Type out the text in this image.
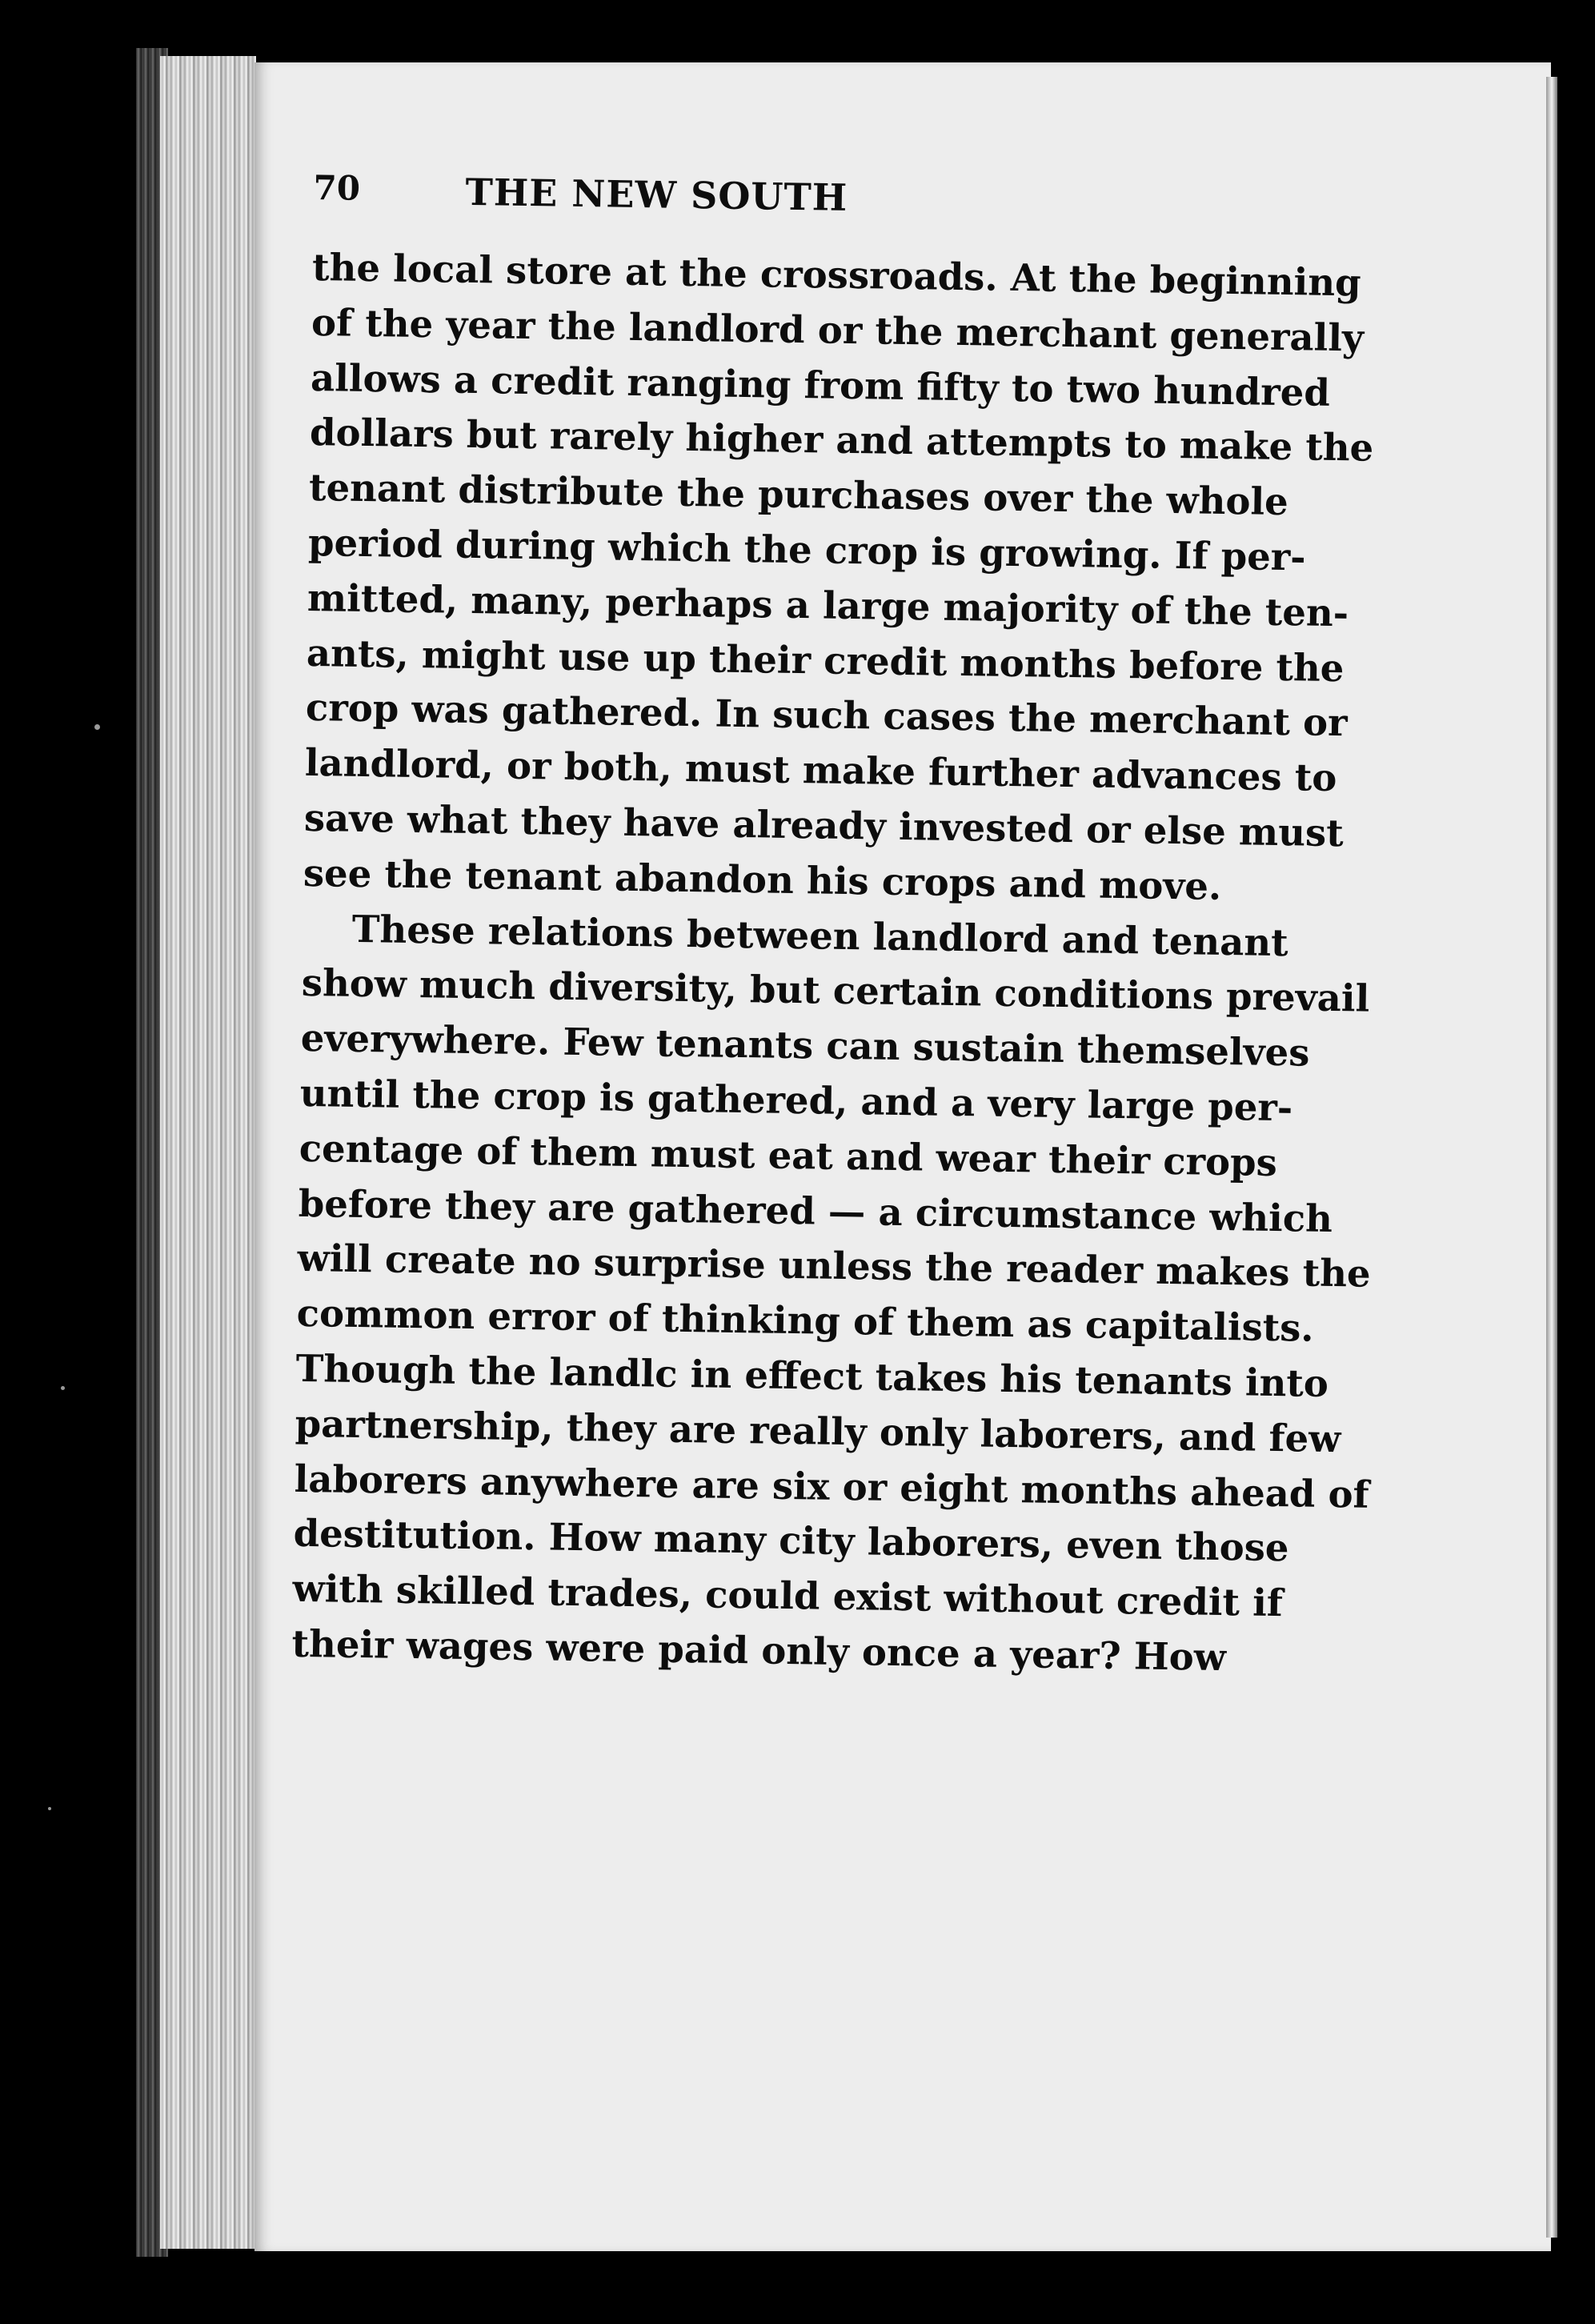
70	THE NEW SOUTH
the local store at the crossroads. At the beginning
of the year the landlord or the merchant generally
allows a credit ranging from fifty to two hundred
dollars but rarely higher and attempts to make the
tenant distribute the purchases over the whole
period during which the crop is growing. If per-
mitted, many, perhaps a large majority of the ten-
ants, might use up their credit months before the
crop was gathered. In such cases the merchant or
landlord, or both, must make further advances to
save what they have already invested or else must
see the tenant abandon his crops and move.
These relations between landlord and tenant
show much diversity, but certain conditions prevail
everywhere. Few tenants can sustain themselves
until the crop is gathered, and a very large per-
centage of them must eat and wear their crops
before they are gathered — a circumstance which
will create no surprise unless the reader makes the
common error of thinking of them as capitalists.
Though the landlc in effect takes his tenants into
partnership, they are really only laborers, and few
laborers anywhere are six or eight months ahead of
destitution. How many city laborers, even those
with skilled trades, could exist without credit if
their wages were paid only once a year? How
